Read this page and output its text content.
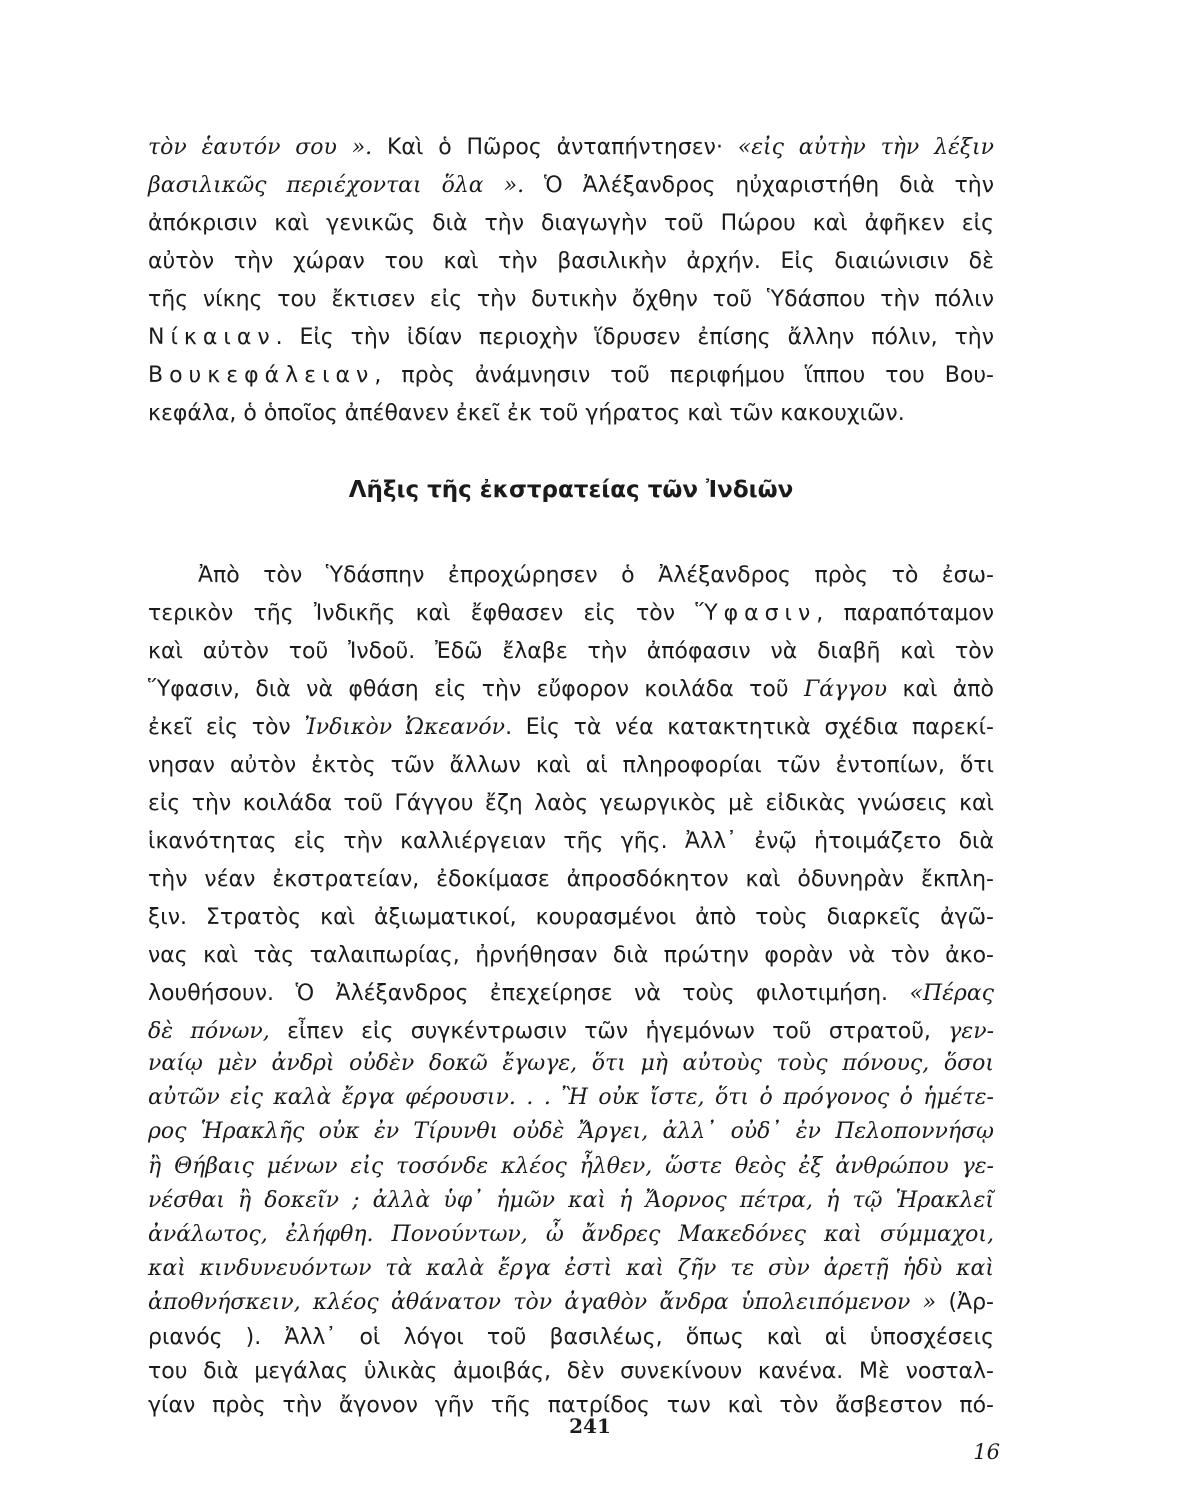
τὸν ἑαυτόν σου ». Καὶ ὁ Πῶρος ἀνταπήντησεν· «εἰς αὐτὴν τὴν λέξιν
βασιλικῶς περιέχονται ὅλα ». Ὁ Ἀλέξανδρος ηὐχαριστήθη διὰ τὴν
ἀπόκρισιν καὶ γενικῶς διὰ τὴν διαγωγὴν τοῦ Πώρου καὶ ἀφῆκεν εἰς
αὐτὸν τὴν χώραν του καὶ τὴν βασιλικὴν ἀρχήν. Εἰς διαιώνισιν δὲ
τῆς νίκης του ἔκτισεν εἰς τὴν δυτικὴν ὄχθην τοῦ Ὑδάσπου τὴν πόλιν
Νίκαιαν. Εἰς τὴν ἰδίαν περιοχὴν ἵδρυσεν ἐπίσης ἄλλην πόλιν, τὴν
Βουκεφάλειαν, πρὸς ἀνάμνησιν τοῦ περιφήμου ἵππου του Βου-
κεφάλα, ὁ ὁποῖος ἀπέθανεν ἐκεῖ ἐκ τοῦ γήρατος καὶ τῶν κακουχιῶν.
Λῆξις τῆς ἐκστρατείας τῶν Ἰνδιῶν
Ἀπὸ τὸν Ὑδάσπην ἐπροχώρησεν ὁ Ἀλέξανδρος πρὸς τὸ ἐσω-
τερικὸν τῆς Ἰνδικῆς καὶ ἔφθασεν εἰς τὸν Ὕφασιν, παραπόταμον
καὶ αὐτὸν τοῦ Ἰνδοῦ. Ἐδῶ ἔλαβε τὴν ἀπόφασιν νὰ διαβῆ καὶ τὸν
Ὕφασιν, διὰ νὰ φθάση εἰς τὴν εὔφορον κοιλάδα τοῦ Γάγγου καὶ ἀπὸ
ἐκεῖ εἰς τὸν Ἰνδικὸν Ὠκεανόν. Εἰς τὰ νέα κατακτητικὰ σχέδια παρεκί-
νησαν αὐτὸν ἐκτὸς τῶν ἄλλων καὶ αἱ πληροφορίαι τῶν ἐντοπίων, ὅτι
εἰς τὴν κοιλάδα τοῦ Γάγγου ἔζη λαὸς γεωργικὸς μὲ εἰδικὰς γνώσεις καὶ
ἱκανότητας εἰς τὴν καλλιέργειαν τῆς γῆς. Ἀλλ᾽ ἐνῷ ἡτοιμάζετο διὰ
τὴν νέαν ἐκστρατείαν, ἐδοκίμασε ἀπροσδόκητον καὶ ὀδυνηρὰν ἔκπλη-
ξιν. Στρατὸς καὶ ἀξιωματικοί, κουρασμένοι ἀπὸ τοὺς διαρκεῖς ἀγῶ-
νας καὶ τὰς ταλαιπωρίας, ἠρνήθησαν διὰ πρώτην φορὰν νὰ τὸν ἀκο-
λουθήσουν. Ὁ Ἀλέξανδρος ἐπεχείρησε νὰ τοὺς φιλοτιμήση. «Πέρας
δὲ πόνων, εἶπεν εἰς συγκέντρωσιν τῶν ἡγεμόνων τοῦ στρατοῦ, γεν-
ναίῳ μὲν ἀνδρὶ οὐδὲν δοκῶ ἔγωγε, ὅτι μὴ αὐτοὺς τοὺς πόνους, ὅσοι
αὐτῶν εἰς καλὰ ἔργα φέρουσιν. . . Ἢ οὐκ ἴστε, ὅτι ὁ πρόγονος ὁ ἡμέτε-
ρος Ἡρακλῆς οὐκ ἐν Τίρυνθι οὐδὲ Ἄργει, ἀλλ᾽ οὐδ᾽ ἐν Πελοποννήσῳ
ἢ Θήβαις μένων εἰς τοσόνδε κλέος ἦλθεν, ὥστε θεὸς ἐξ ἀνθρώπου γε-
νέσθαι ἢ δοκεῖν ; ἀλλὰ ὑφ᾽ ἡμῶν καὶ ἡ Ἄορνος πέτρα, ἡ τῷ Ἡρακλεῖ
ἀνάλωτος, ἐλήφθη. Πονούντων, ὦ ἄνδρες Μακεδόνες καὶ σύμμαχοι,
καὶ κινδυνευόντων τὰ καλὰ ἔργα ἐστὶ καὶ ζῆν τε σὺν ἀρετῇ ἡδὺ καὶ
ἀποθνήσκειν, κλέος ἀθάνατον τὸν ἀγαθὸν ἄνδρα ὑπολειπόμενον » (Ἀρ-
ριανός ). Ἀλλ᾽ οἱ λόγοι τοῦ βασιλέως, ὅπως καὶ αἱ ὑποσχέσεις
241
16
του διὰ μεγάλας ὑλικὰς ἀμοιβάς, δὲν συνεκίνουν κανένα. Μὲ νοσταλ-
γίαν πρὸς τὴν ἄγονον γῆν τῆς πατρίδος των καὶ τὸν ἄσβεστον πό-
